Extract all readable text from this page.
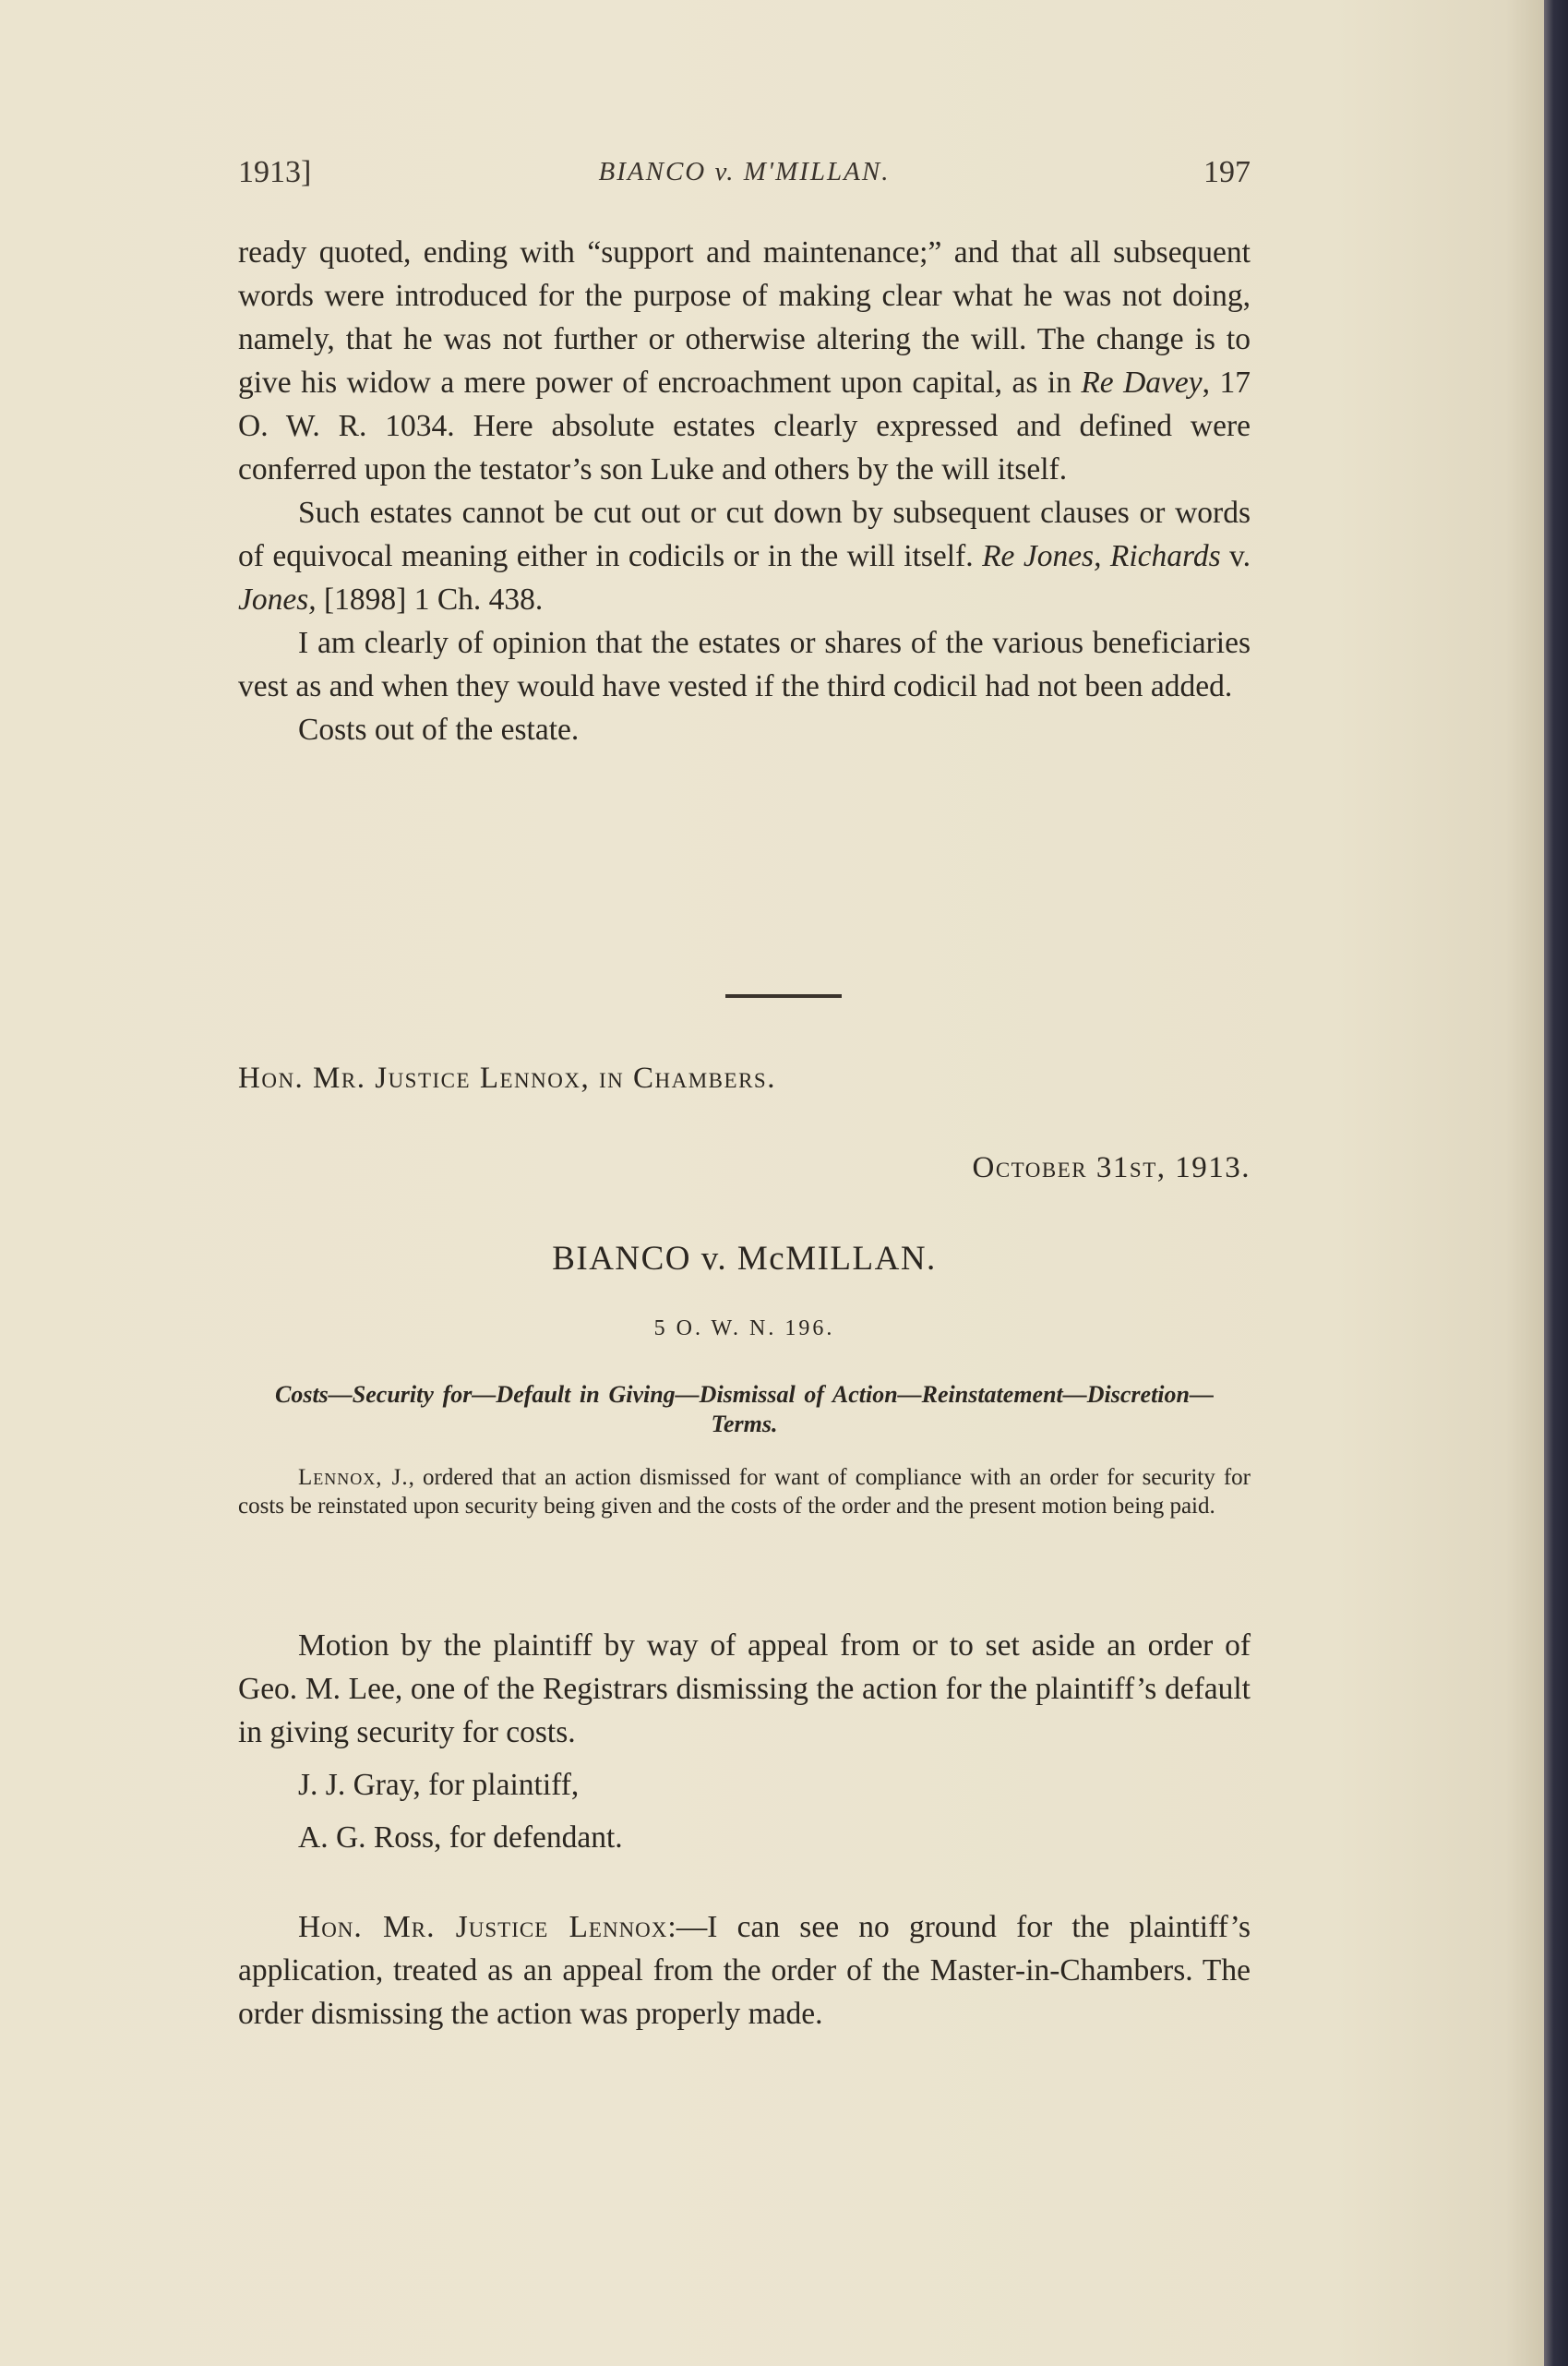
1913]	BIANCO v. M'MILLAN.	197

ready quoted, ending with “support and maintenance;” and that all subsequent words were introduced for the purpose of making clear what he was not doing, namely, that he was not further or otherwise altering the will. The change is to give his widow a mere power of encroachment upon capital, as in Re Davey, 17 O. W. R. 1034. Here absolute estates clearly expressed and defined were conferred upon the testator’s son Luke and others by the will itself.

Such estates cannot be cut out or cut down by subsequent clauses or words of equivocal meaning either in codicils or in the will itself. Re Jones, Richards v. Jones, [1898] 1 Ch. 438.

I am clearly of opinion that the estates or shares of the various beneficiaries vest as and when they would have vested if the third codicil had not been added.

Costs out of the estate.

Hon. Mr. Justice Lennox, in Chambers.
October 31st, 1913.
BIANCO v. McMILLAN.
5 O. W. N. 196.
Costs—Security for—Default in Giving—Dismissal of Action—Reinstatement—Discretion—Terms.
Lennox, J., ordered that an action dismissed for want of compliance with an order for security for costs be reinstated upon security being given and the costs of the order and the present motion being paid.

Motion by the plaintiff by way of appeal from or to set aside an order of Geo. M. Lee, one of the Registrars dismissing the action for the plaintiff’s default in giving security for costs.

J. J. Gray, for plaintiff,

A. G. Ross, for defendant.

Hon. Mr. Justice Lennox:—I can see no ground for the plaintiff’s application, treated as an appeal from the order of the Master-in-Chambers. The order dismissing the action was properly made.
